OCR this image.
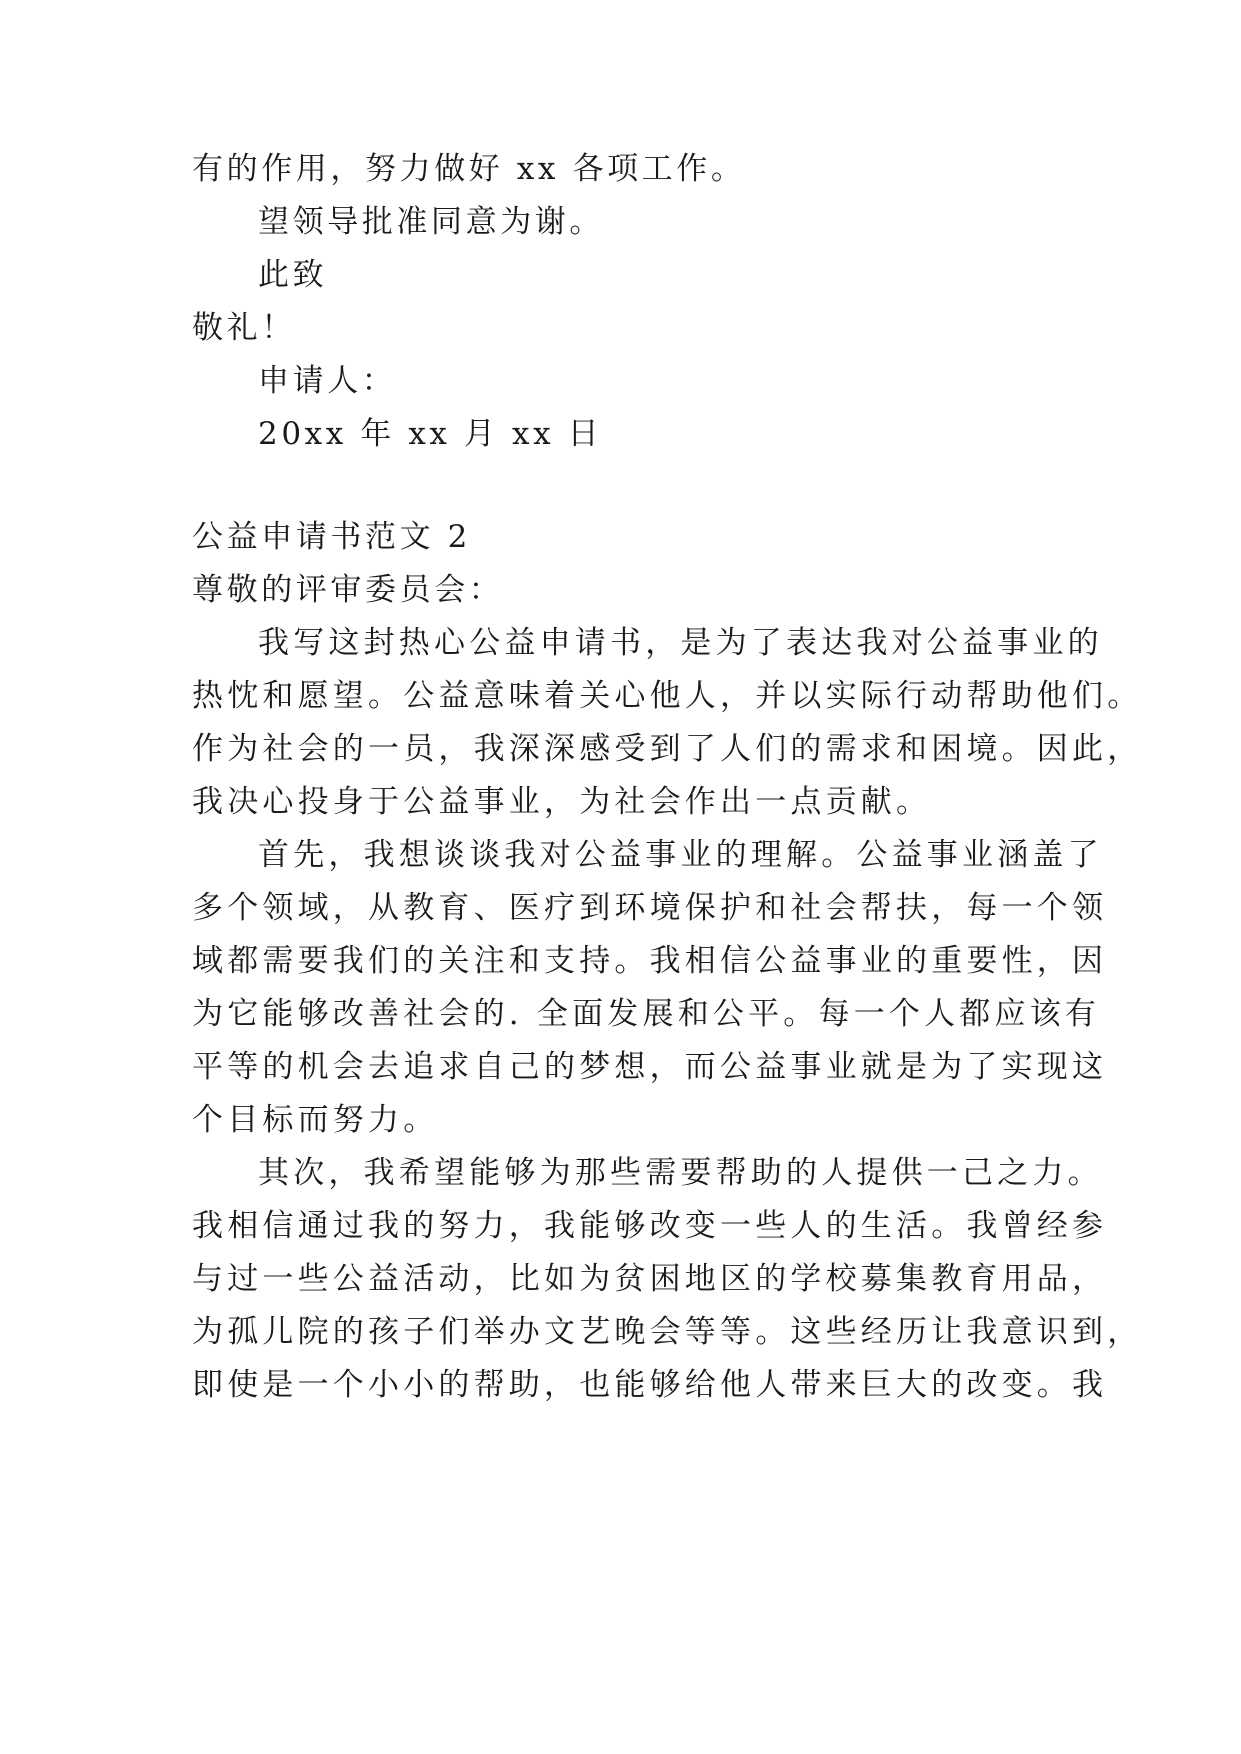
有的作用，努力做好 xx 各项工作。

望领导批准同意为谢。

此致

敬礼！

申请人：

20xx 年 xx 月 xx 日

公益申请书范文 2

尊敬的评审委员会：

我写这封热心公益申请书，是为了表达我对公益事业的

热忱和愿望。公益意味着关心他人，并以实际行动帮助他们。

作为社会的一员，我深深感受到了人们的需求和困境。因此，

我决心投身于公益事业，为社会作出一点贡献。

首先，我想谈谈我对公益事业的理解。公益事业涵盖了

多个领域，从教育、医疗到环境保护和社会帮扶，每一个领

域都需要我们的关注和支持。我相信公益事业的重要性，因

为它能够改善社会的. 全面发展和公平。每一个人都应该有

平等的机会去追求自己的梦想，而公益事业就是为了实现这

个目标而努力。

其次，我希望能够为那些需要帮助的人提供一己之力。

我相信通过我的努力，我能够改变一些人的生活。我曾经参

与过一些公益活动，比如为贫困地区的学校募集教育用品，

为孤儿院的孩子们举办文艺晚会等等。这些经历让我意识到，

即使是一个小小的帮助，也能够给他人带来巨大的改变。我
